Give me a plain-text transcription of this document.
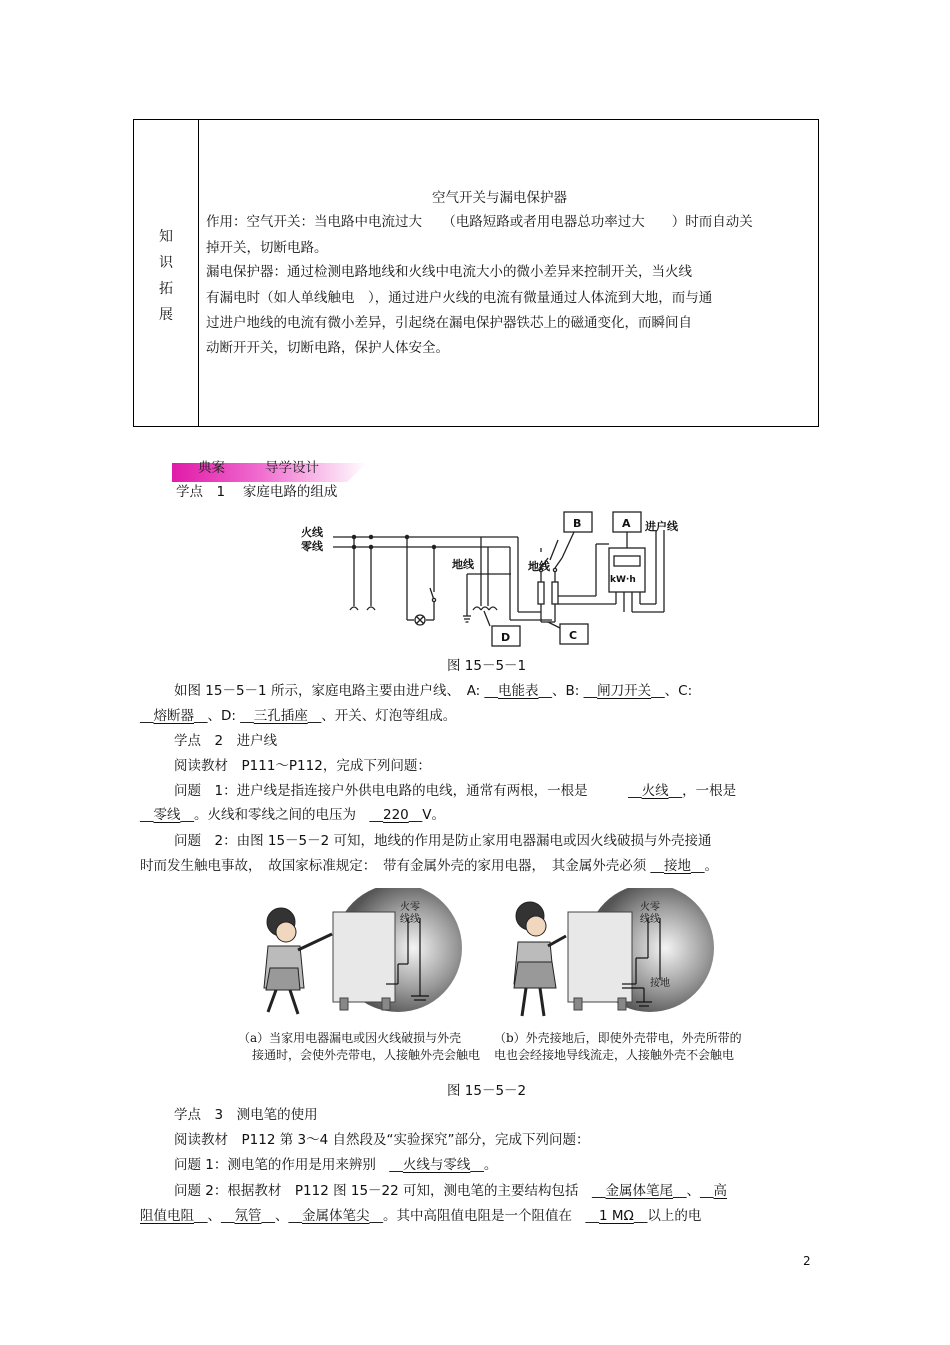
知
识
拓
展
空气开关与漏电保护器
作用：空气开关：当电路中电流过大　　（电路短路或者用电器总功率过大　　）时而自动关
掉开关，切断电路。
漏电保护器：通过检测电路地线和火线中电流大小的微小差异来控制开关，当火线
有漏电时（如人单线触电　），通过进户火线的电流有微量通过人体流到大地，而与通
过进户地线的电流有微小差异，引起绕在漏电保护器铁芯上的磁通变化，而瞬间自
动断开开关，切断电路，保护人体安全。
典案	导学设计
学点　1　 家庭电路的组成
火线
零线
地线	地线
进户线
B	A
C
D
kW·h
图 15－5－1
如图 15－5－1 所示，家庭电路主要由进户线、　A: __电能表__、B: __闸刀开关__、C:
__熔断器__、D: __三孔插座__、开关、灯泡等组成。
学点　2　进户线
阅读教材　P111～P112，完成下列问题：
问题　1：进户线是指连接户外供电电路的电线，通常有两根，一根是　　　__火线__，一根是
__零线__。火线和零线之间的电压为　__220__V。
问题　2：由图 15－5－2 可知，地线的作用是防止家用电器漏电或因火线破损与外壳接通
时而发生触电事故，　故国家标准规定：　带有金属外壳的家用电器，　其金属外壳必须 __接地__。
火零 线线
火零 线线
接地
（a）当家用电器漏电或因火线破损与外壳
接通时，会使外壳带电，人接触外壳会触电
（b）外壳接地后，即使外壳带电，外壳所带的
电也会经接地导线流走，人接触外壳不会触电
图 15－5－2
学点　3　测电笔的使用
阅读教材　P112 第 3～4 自然段及“实验探究”部分，完成下列问题：
问题 1：测电笔的作用是用来辨别　__火线与零线__。
问题 2：根据教材　P112 图 15－22 可知，测电笔的主要结构包括　__金属体笔尾__、__高
阻值电阻__、__氖管__、__金属体笔尖__。其中高阻值电阻是一个阻值在　__1 MΩ__以上的电
2
